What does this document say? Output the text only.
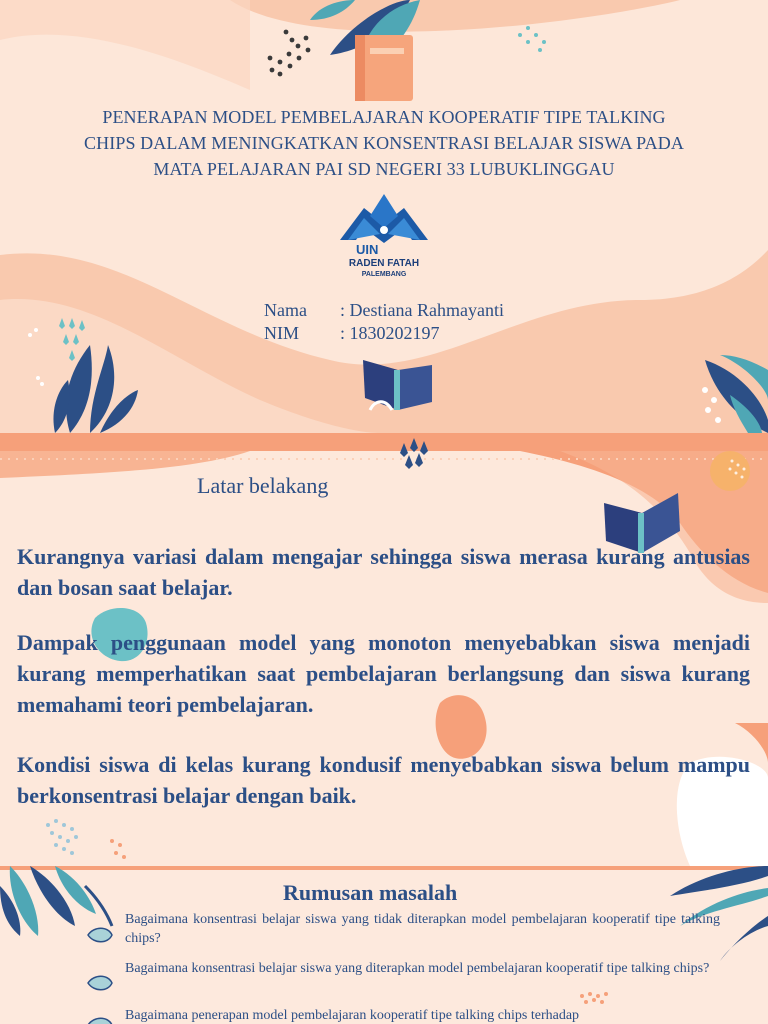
PENERAPAN MODEL PEMBELAJARAN KOOPERATIF TIPE TALKING
CHIPS DALAM MENINGKATKAN KONSENTRASI BELAJAR SISWA PADA
MATA PELAJARAN PAI SD NEGERI 33 LUBUKLINGGAU
UIN
RADEN FATAH
PALEMBANG
Nama : Destiana Rahmayanti
NIM : 1830202197
Latar belakang
Kurangnya variasi dalam mengajar sehingga siswa merasa kurang antusias dan bosan saat belajar.
Dampak penggunaan model yang monoton menyebabkan siswa menjadi kurang memperhatikan saat pembelajaran berlangsung dan siswa kurang memahami teori pembelajaran.
Kondisi siswa di kelas kurang kondusif menyebabkan siswa belum mampu berkonsentrasi belajar dengan baik.
Rumusan masalah
Bagaimana konsentrasi belajar siswa yang tidak diterapkan model pembelajaran kooperatif tipe talking chips?
Bagaimana konsentrasi belajar siswa yang diterapkan model pembelajaran kooperatif tipe talking chips?
Bagaimana penerapan model pembelajaran kooperatif tipe talking chips terhadap
